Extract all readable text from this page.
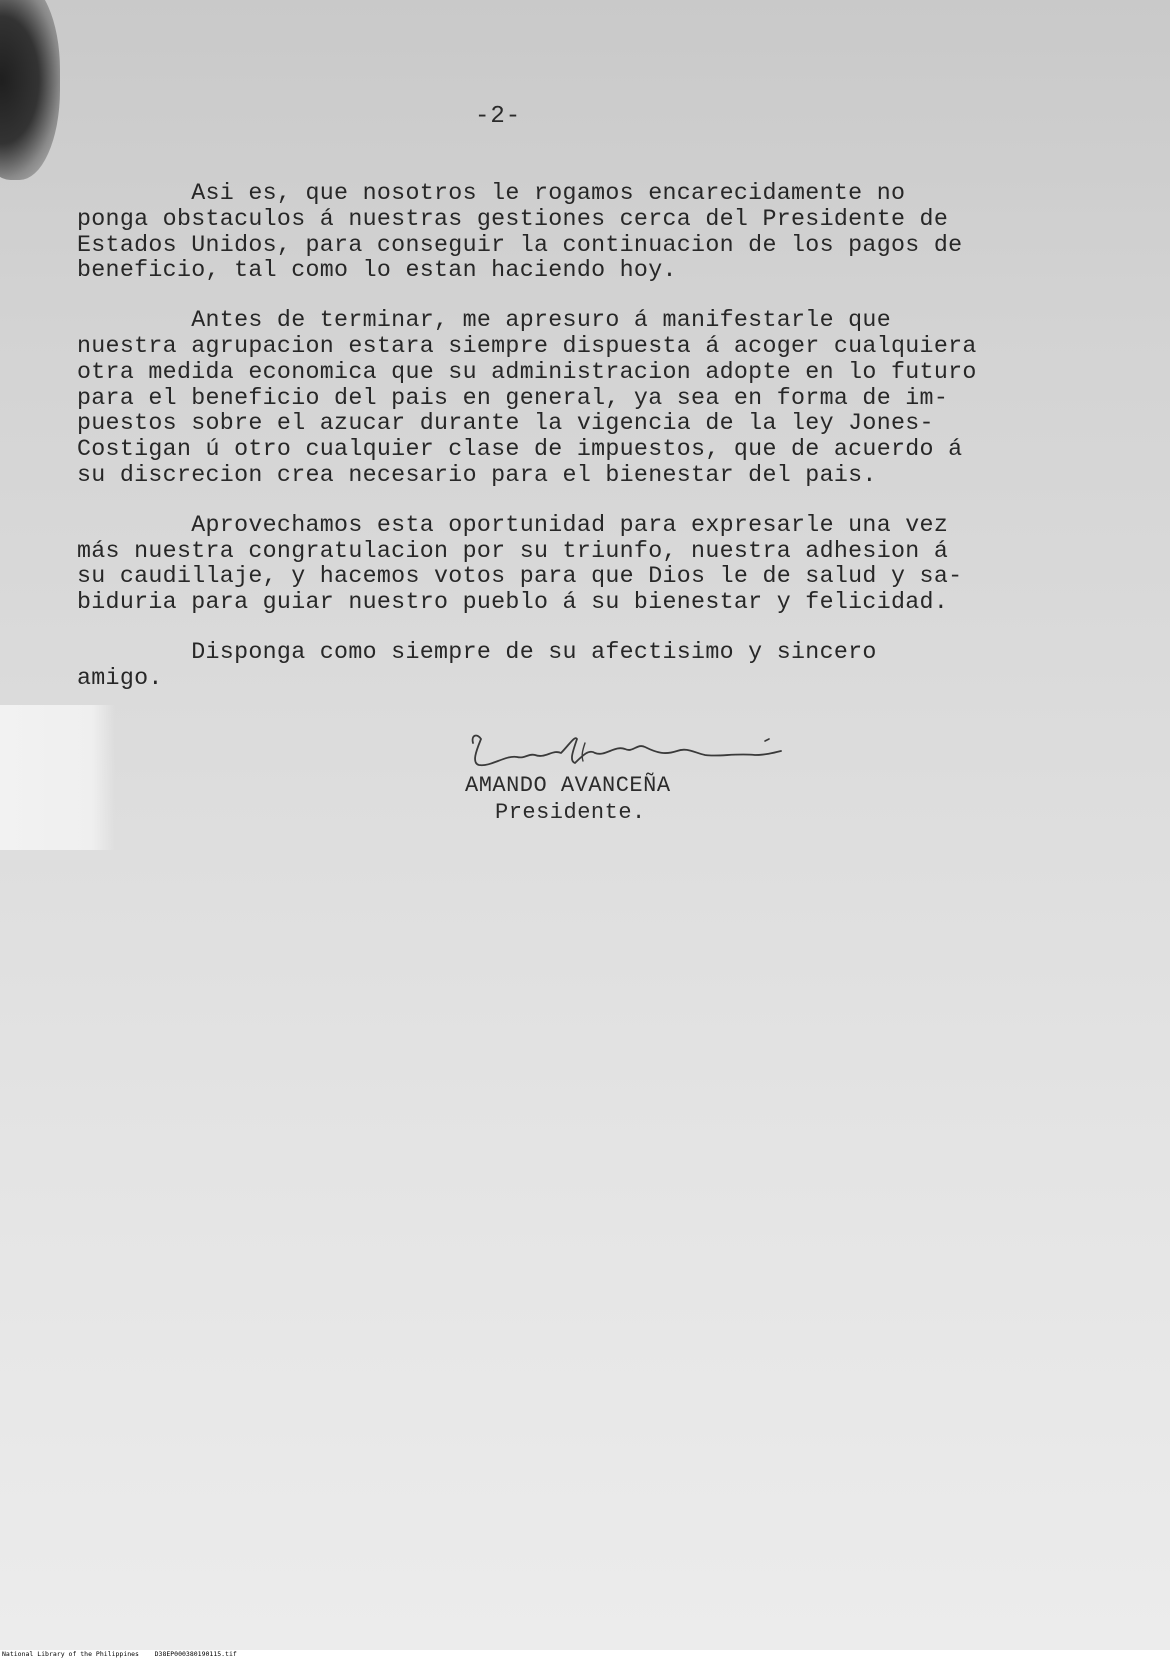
-2-
Asi es, que nosotros le rogamos encarecidamente no
ponga obstaculos á nuestras gestiones cerca del Presidente de
Estados Unidos, para conseguir la continuacion de los pagos de
beneficio, tal como lo estan haciendo hoy.
Antes de terminar, me apresuro á manifestarle que
nuestra agrupacion estara siempre dispuesta á acoger cualquiera
otra medida economica que su administracion adopte en lo futuro
para el beneficio del pais en general, ya sea en forma de im-
puestos sobre el azucar durante la vigencia de la ley Jones-
Costigan ú otro cualquier clase de impuestos, que de acuerdo á
su discrecion crea necesario para el bienestar del pais.
Aprovechamos esta oportunidad para expresarle una vez
más nuestra congratulacion por su triunfo, nuestra adhesion á
su caudillaje, y hacemos votos para que Dios le de salud y sa-
biduria para guiar nuestro pueblo á su bienestar y felicidad.
Disponga como siempre de su afectisimo y sincero
amigo.
AMANDO AVANCEÑA
Presidente.
National Library of the Philippines    D38EP000380190115.tif
